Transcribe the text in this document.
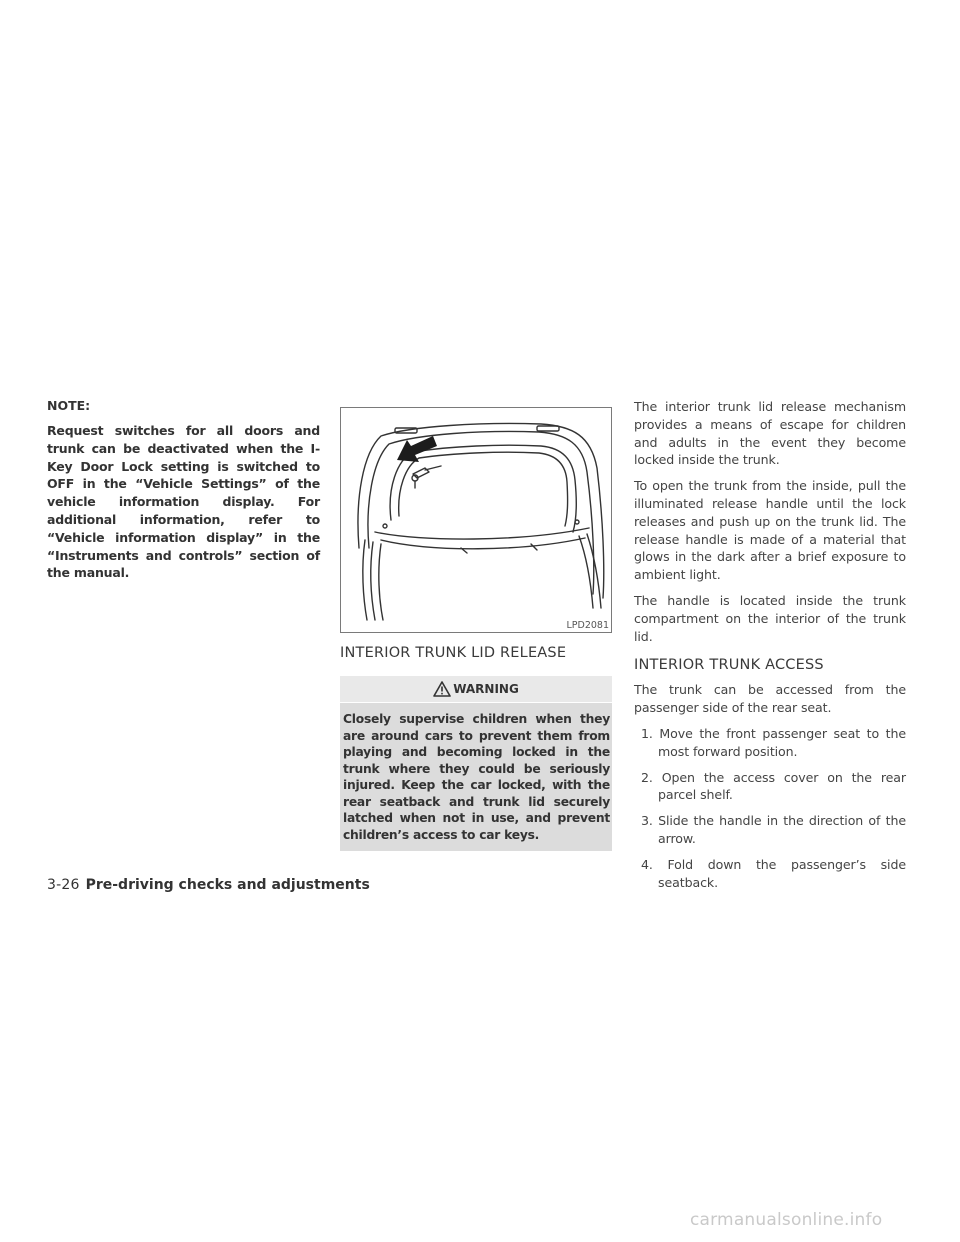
NOTE:

Request switches for all doors and trunk can be deactivated when the I-Key Door Lock setting is switched to OFF in the “Vehicle Settings” of the vehicle information display. For additional information, refer to “Vehicle information display” in the “Instruments and controls” section of the manual.

LPD2081
INTERIOR TRUNK LID RELEASE
WARNING

Closely supervise children when they are around cars to prevent them from playing and becoming locked in the trunk where they could be seriously injured. Keep the car locked, with the rear seatback and trunk lid securely latched when not in use, and prevent children’s access to car keys.

The interior trunk lid release mechanism provides a means of escape for children and adults in the event they become locked inside the trunk.

To open the trunk from the inside, pull the illuminated release handle until the lock releases and push up on the trunk lid. The release handle is made of a material that glows in the dark after a brief exposure to ambient light.

The handle is located inside the trunk compartment on the interior of the trunk lid.

INTERIOR TRUNK ACCESS

The trunk can be accessed from the passenger side of the rear seat.

1. Move the front passenger seat to the most forward position.
2. Open the access cover on the rear parcel shelf.
3. Slide the handle in the direction of the arrow.
4. Fold down the passenger’s side seatback.
3-26 Pre-driving checks and adjustments
carmanualsonline.info
